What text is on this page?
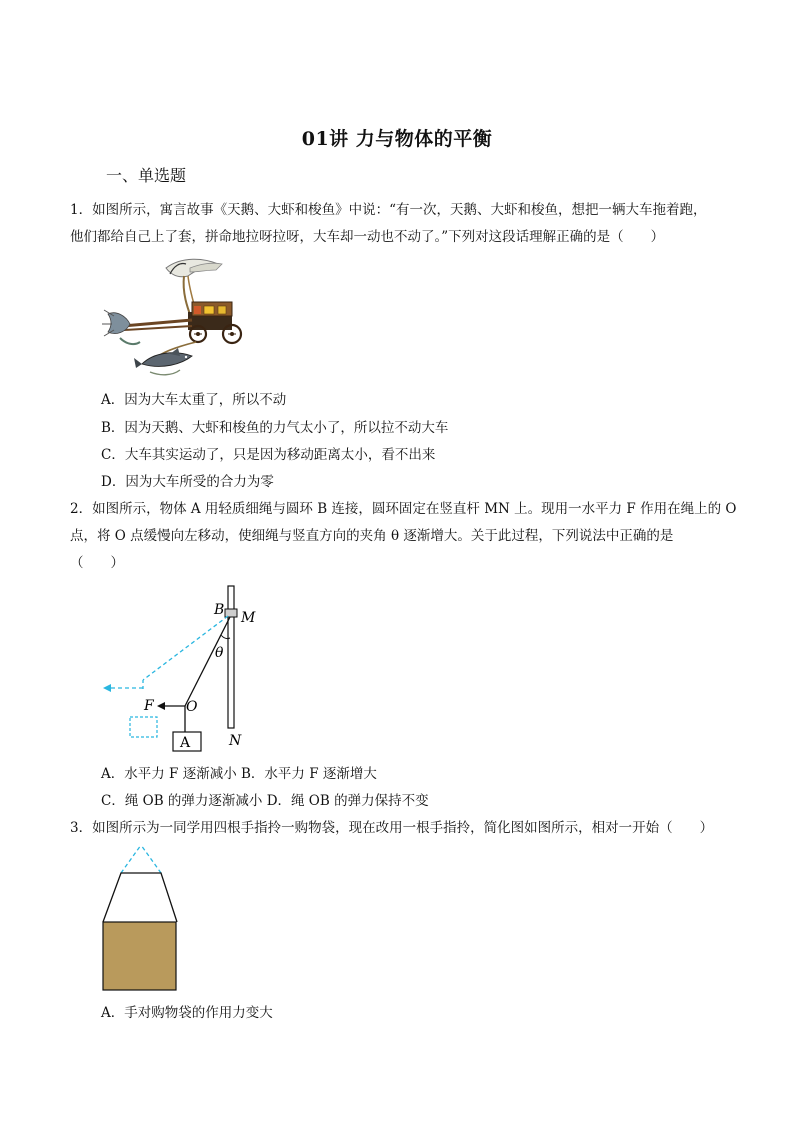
01讲 力与物体的平衡
一、单选题
1．如图所示，寓言故事《天鹅、大虾和梭鱼》中说：“有一次，天鹅、大虾和梭鱼，想把一辆大车拖着跑，
他们都给自己上了套，拼命地拉呀拉呀，大车却一动也不动了。”下列对这段话理解正确的是（　　）
A．因为大车太重了，所以不动
B．因为天鹅、大虾和梭鱼的力气太小了，所以拉不动大车
C．大车其实运动了，只是因为移动距离太小，看不出来
D．因为大车所受的合力为零
2．如图所示，物体 A 用轻质细绳与圆环 B 连接，圆环固定在竖直杆 MN 上。现用一水平力 F 作用在绳上的 O
点，将 O 点缓慢向左移动，使细绳与竖直方向的夹角 θ 逐渐增大。关于此过程，下列说法中正确的是
（　　）
B M
θ
F O
A	N
A．水平力 F 逐渐减小 B．水平力 F 逐渐增大
C．绳 OB 的弹力逐渐减小 D．绳 OB 的弹力保持不变
3．如图所示为一同学用四根手指拎一购物袋，现在改用一根手指拎，简化图如图所示，相对一开始（　　）
A．手对购物袋的作用力变大
